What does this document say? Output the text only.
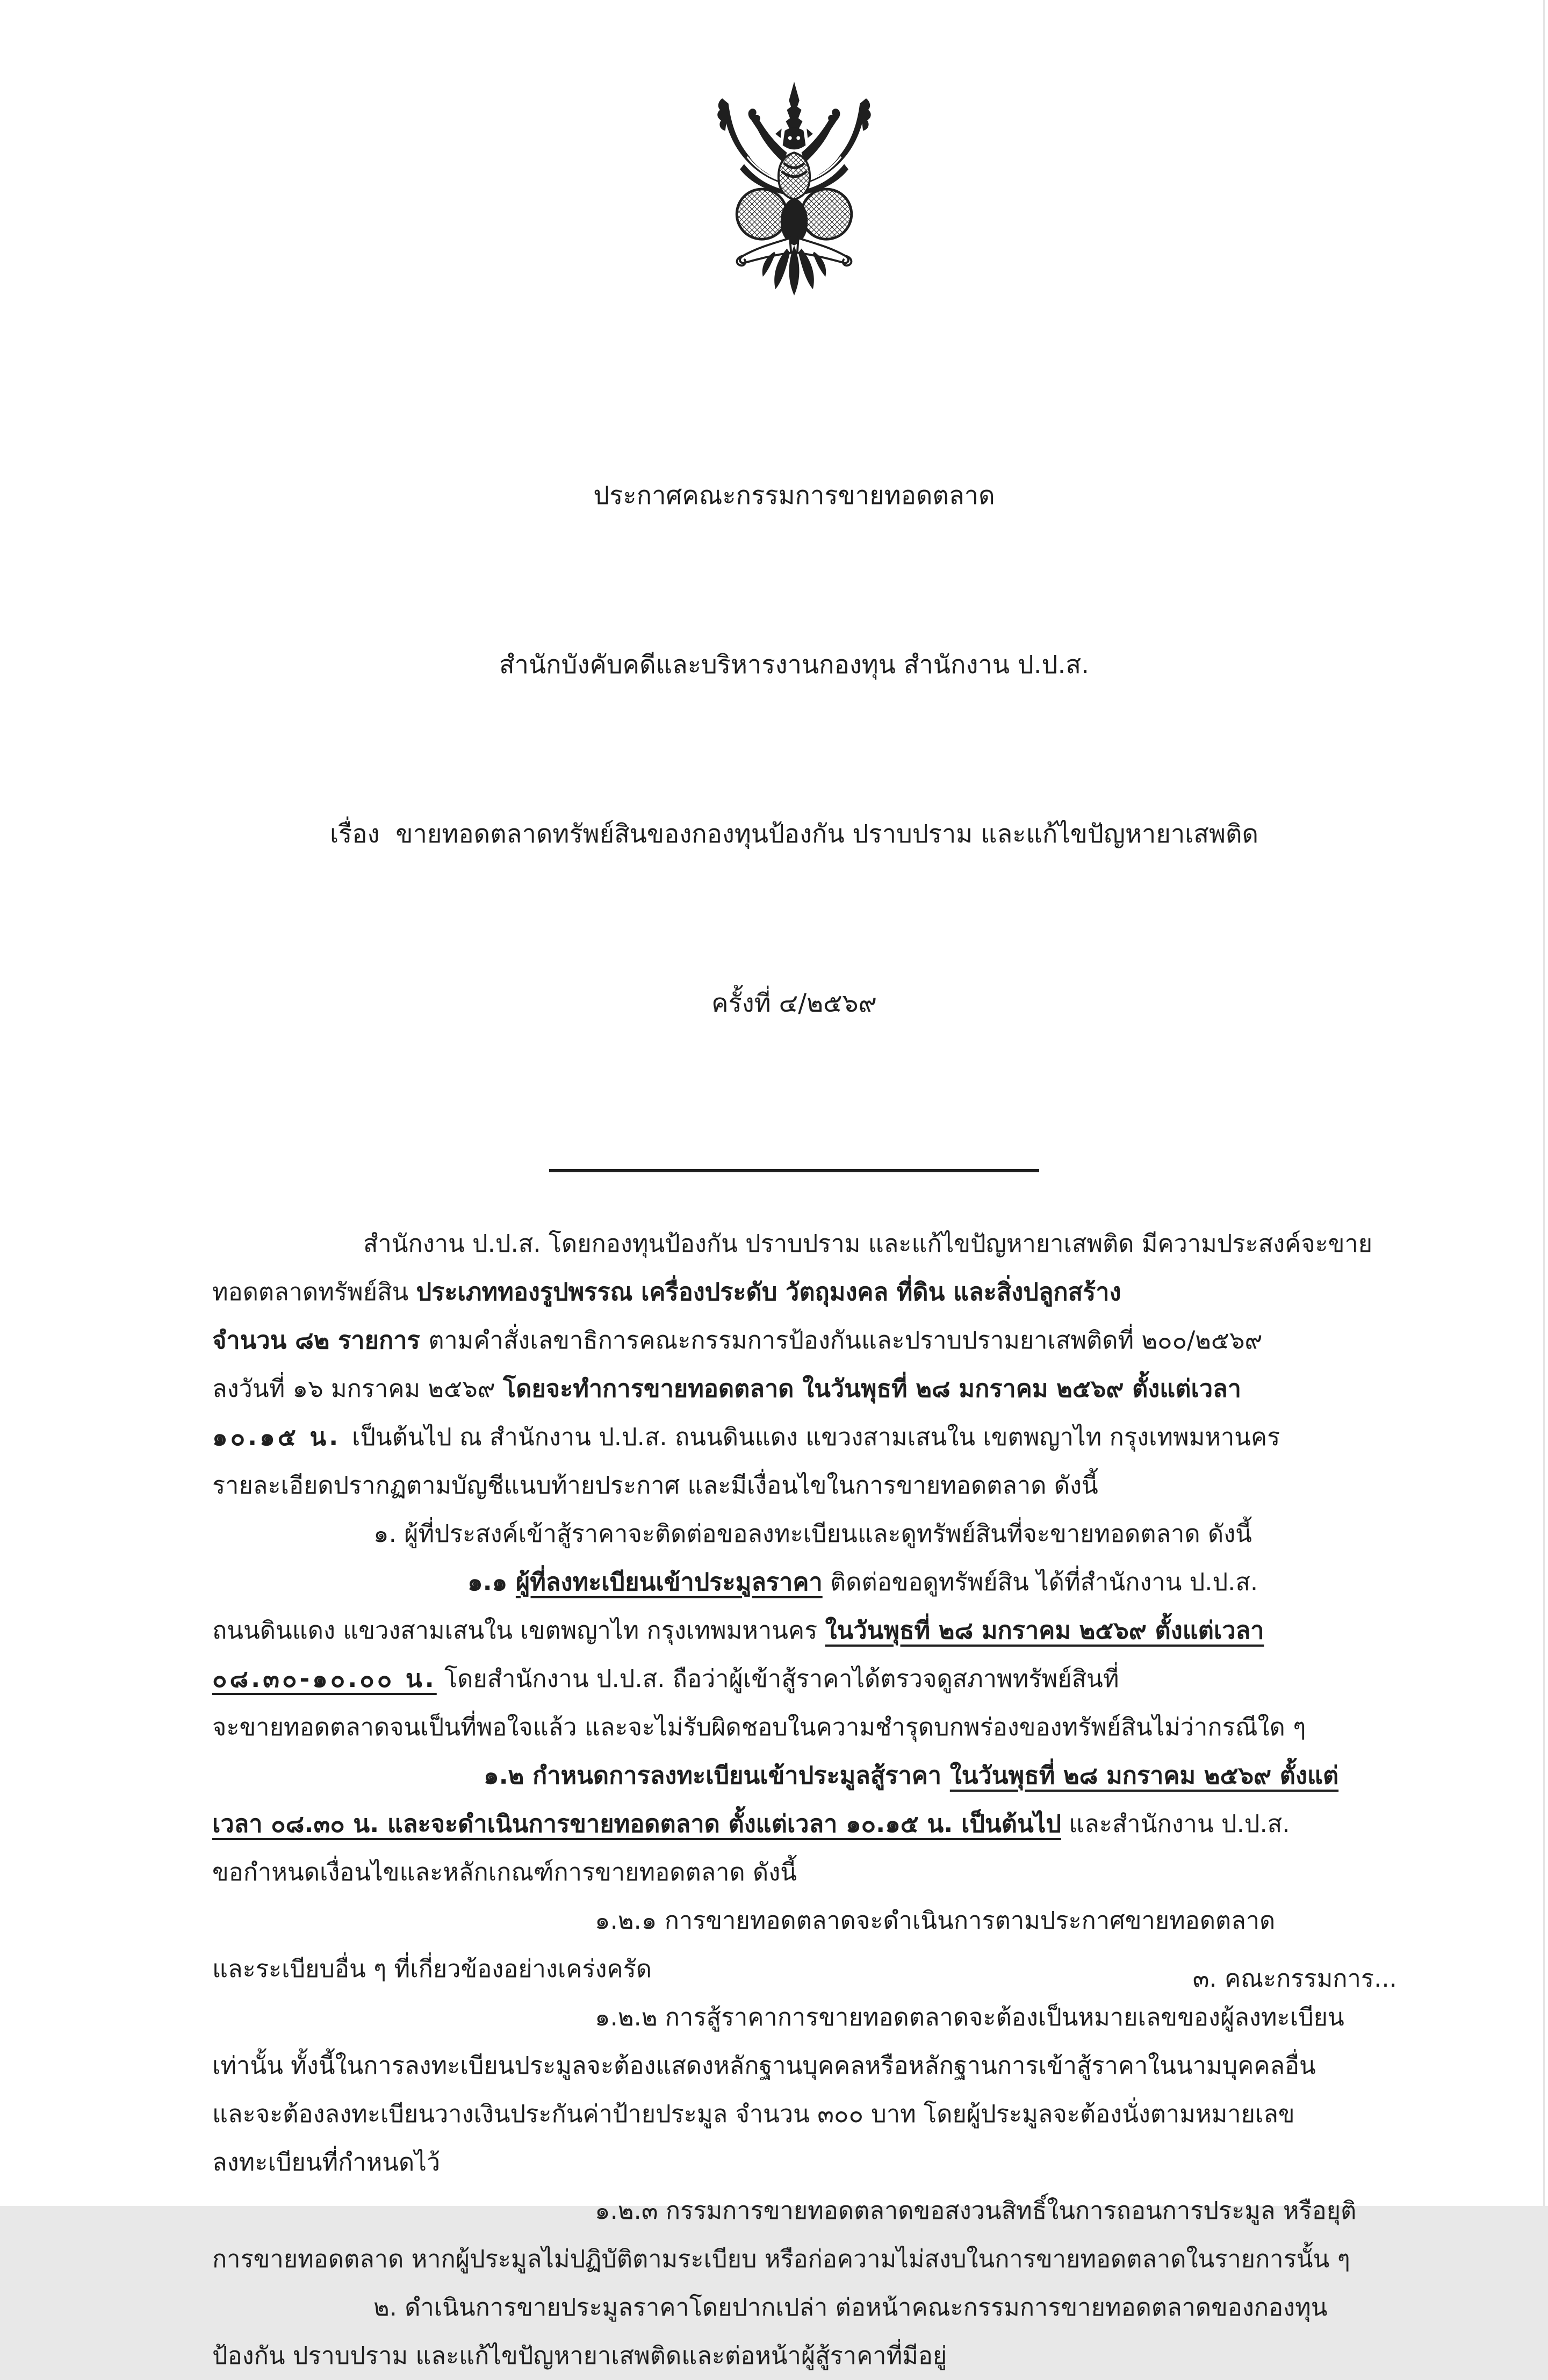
ประกาศคณะกรรมการขายทอดตลาด

สำนักบังคับคดีและบริหารงานกองทุน สำนักงาน ป.ป.ส.

เรื่อง  ขายทอดตลาดทรัพย์สินของกองทุนป้องกัน ปราบปราม และแก้ไขปัญหายาเสพติด

ครั้งที่ ๔/๒๕๖๙

สำนักงาน ป.ป.ส. โดยกองทุนป้องกัน ปราบปราม และแก้ไขปัญหายาเสพติด มีความประสงค์จะขาย
ทอดตลาดทรัพย์สิน ประเภททองรูปพรรณ เครื่องประดับ วัตถุมงคล ที่ดิน และสิ่งปลูกสร้าง
จำนวน ๘๒ รายการ ตามคำสั่งเลขาธิการคณะกรรมการป้องกันและปราบปรามยาเสพติดที่ ๒๐๐/๒๕๖๙
ลงวันที่ ๑๖ มกราคม ๒๕๖๙ โดยจะทำการขายทอดตลาด ในวันพุธที่ ๒๘ มกราคม ๒๕๖๙ ตั้งแต่เวลา
๑๐.๑๕ น. เป็นต้นไป ณ สำนักงาน ป.ป.ส. ถนนดินแดง แขวงสามเสนใน เขตพญาไท กรุงเทพมหานคร
รายละเอียดปรากฏตามบัญชีแนบท้ายประกาศ และมีเงื่อนไขในการขายทอดตลาด ดังนี้
๑. ผู้ที่ประสงค์เข้าสู้ราคาจะติดต่อขอลงทะเบียนและดูทรัพย์สินที่จะขายทอดตลาด ดังนี้
๑.๑ ผู้ที่ลงทะเบียนเข้าประมูลราคา ติดต่อขอดูทรัพย์สิน ได้ที่สำนักงาน ป.ป.ส.
ถนนดินแดง แขวงสามเสนใน เขตพญาไท กรุงเทพมหานคร ในวันพุธที่ ๒๘ มกราคม ๒๕๖๙ ตั้งแต่เวลา
๐๘.๓๐-๑๐.๐๐ น. โดยสำนักงาน ป.ป.ส. ถือว่าผู้เข้าสู้ราคาได้ตรวจดูสภาพทรัพย์สินที่
จะขายทอดตลาดจนเป็นที่พอใจแล้ว และจะไม่รับผิดชอบในความชำรุดบกพร่องของทรัพย์สินไม่ว่ากรณีใด ๆ
๑.๒ กำหนดการลงทะเบียนเข้าประมูลสู้ราคา ในวันพุธที่ ๒๘ มกราคม ๒๕๖๙ ตั้งแต่
เวลา ๐๘.๓๐ น. และจะดำเนินการขายทอดตลาด ตั้งแต่เวลา ๑๐.๑๕ น. เป็นต้นไป และสำนักงาน ป.ป.ส.
ขอกำหนดเงื่อนไขและหลักเกณฑ์การขายทอดตลาด ดังนี้
๑.๒.๑ การขายทอดตลาดจะดำเนินการตามประกาศขายทอดตลาด
และระเบียบอื่น ๆ ที่เกี่ยวข้องอย่างเคร่งครัด
๑.๒.๒ การสู้ราคาการขายทอดตลาดจะต้องเป็นหมายเลขของผู้ลงทะเบียน
เท่านั้น ทั้งนี้ในการลงทะเบียนประมูลจะต้องแสดงหลักฐานบุคคลหรือหลักฐานการเข้าสู้ราคาในนามบุคคลอื่น
และจะต้องลงทะเบียนวางเงินประกันค่าป้ายประมูล จำนวน ๓๐๐ บาท โดยผู้ประมูลจะต้องนั่งตามหมายเลข
ลงทะเบียนที่กำหนดไว้
๑.๒.๓ กรรมการขายทอดตลาดขอสงวนสิทธิ์ในการถอนการประมูล หรือยุติ
การขายทอดตลาด หากผู้ประมูลไม่ปฏิบัติตามระเบียบ หรือก่อความไม่สงบในการขายทอดตลาดในรายการนั้น ๆ
๒. ดำเนินการขายประมูลราคาโดยปากเปล่า ต่อหน้าคณะกรรมการขายทอดตลาดของกองทุน
ป้องกัน ปราบปราม และแก้ไขปัญหายาเสพติดและต่อหน้าผู้สู้ราคาที่มีอยู่
๓. คณะกรรมการ...
